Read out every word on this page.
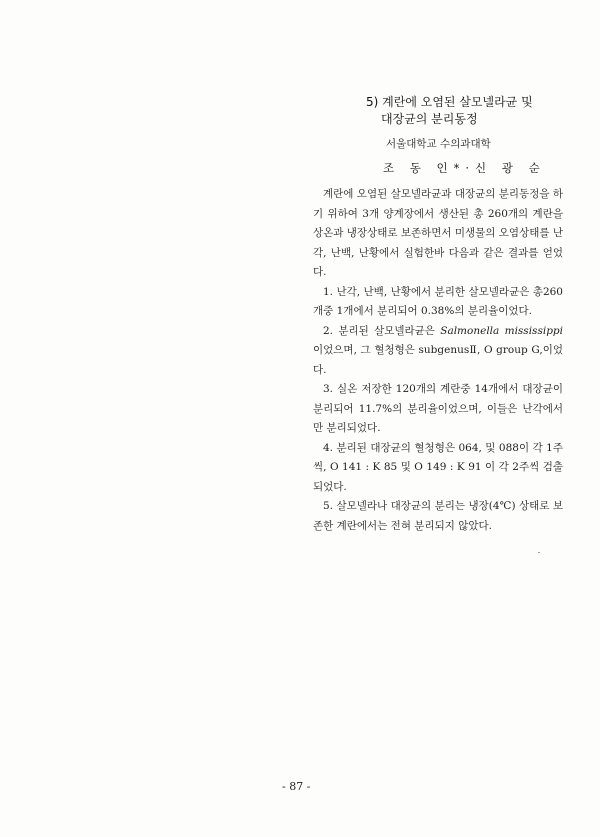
5) 계란에 오염된 살모넬라균 및
대장균의 분리동정
서울대학교 수의과대학
조 동 인*·신 광 순

계란에 오염된 살모넬라균과 대장균의 분리동정을 하기 위하여 3개 양계장에서 생산된 총 260개의 계란을 상온과 냉장상태로 보존하면서 미생물의 오염상태를 난각, 난백, 난황에서 실험한바 다음과 같은 결과를 얻었다.

1. 난각, 난백, 난황에서 분리한 살모넬라균은 총260개중 1개에서 분리되어 0.38%의 분리율이었다.

2. 분리된 살모넬라균은 Salmonella mississippi이었으며, 그 혈청형은 subgenusⅡ, O group G,이었다.

3. 실온 저장한 120개의 계란중 14개에서 대장균이 분리되어 11.7%의 분리율이었으며, 이들은 난각에서만 분리되었다.

4. 분리된 대장균의 혈청형은 064, 및 088이 각 1주씩, O 141 : K 85 및 O 149 : K 91 이 각 2주씩 검출되었다.

5. 살모넬라나 대장균의 분리는 냉장(4℃) 상태로 보존한 계란에서는 전혀 분리되지 않았다.

- 87 -
